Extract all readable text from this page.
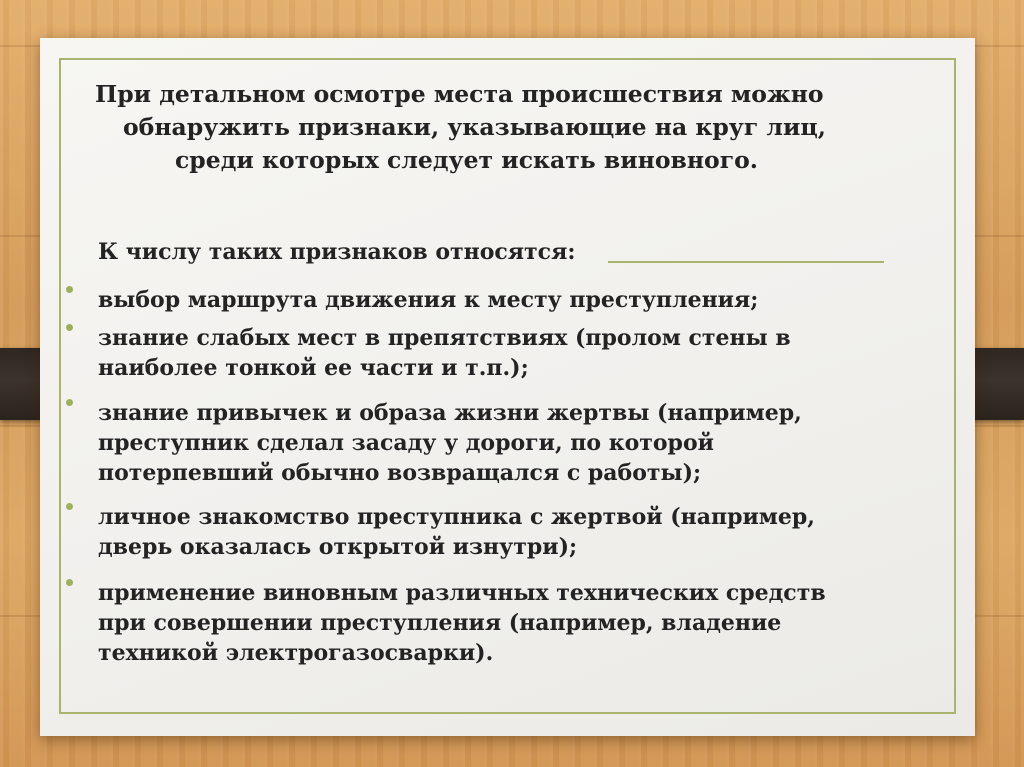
При детальном осмотре места происшествия можно
обнаружить признаки, указывающие на круг лиц,
среди которых следует искать виновного.
К числу таких признаков относятся:
выбор маршрута движения к месту преступления;
знание слабых мест в препятствиях (пролом стены в
наиболее тонкой ее части и т.п.);
знание привычек и образа жизни жертвы (например,
преступник сделал засаду у дороги, по которой
потерпевший обычно возвращался с работы);
личное знакомство преступника с жертвой (например,
дверь оказалась открытой изнутри);
применение виновным различных технических средств
при совершении преступления (например, владение
техникой электрогазосварки).
